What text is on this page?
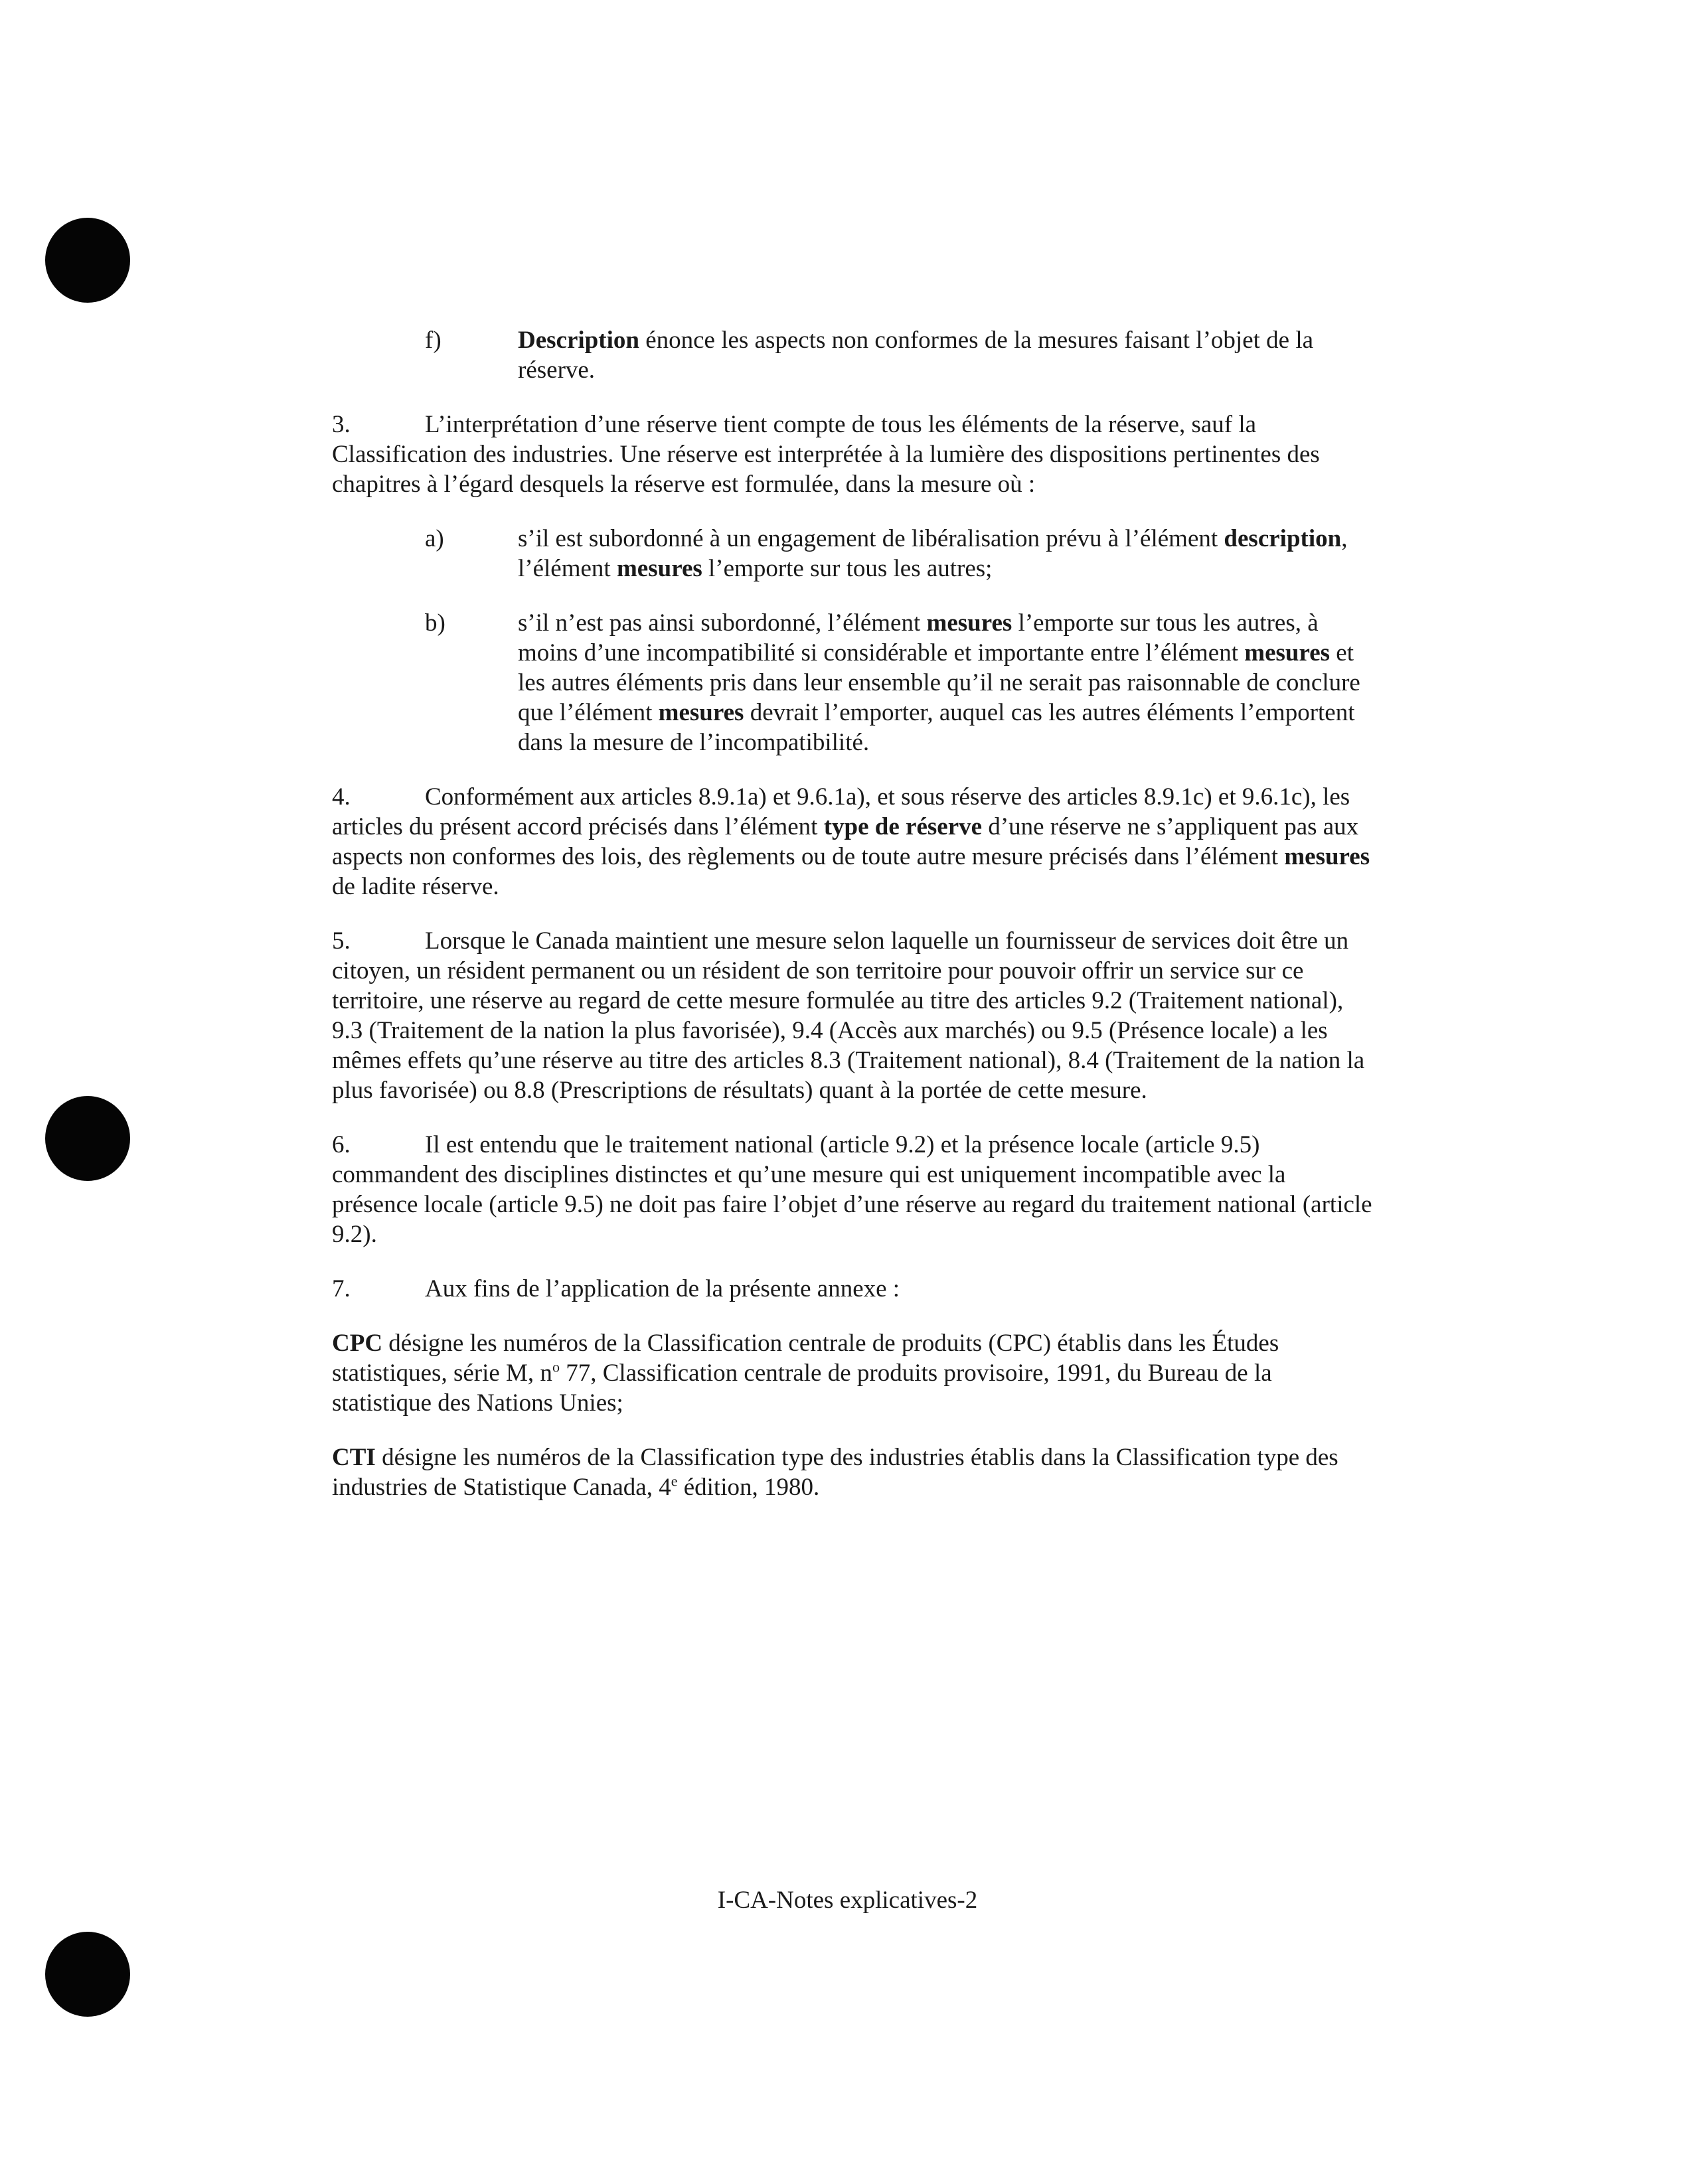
f)	Description énonce les aspects non conformes de la mesures faisant l’objet de la réserve.

3.	L’interprétation d’une réserve tient compte de tous les éléments de la réserve, sauf la Classification des industries. Une réserve est interprétée à la lumière des dispositions pertinentes des chapitres à l’égard desquels la réserve est formulée, dans la mesure où :

a)	s’il est subordonné à un engagement de libéralisation prévu à l’élément description, l’élément mesures l’emporte sur tous les autres;
b)	s’il n’est pas ainsi subordonné, l’élément mesures l’emporte sur tous les autres, à moins d’une incompatibilité si considérable et importante entre l’élément mesures et les autres éléments pris dans leur ensemble qu’il ne serait pas raisonnable de conclure que l’élément mesures devrait l’emporter, auquel cas les autres éléments l’emportent dans la mesure de l’incompatibilité.

4.	Conformément aux articles 8.9.1a) et 9.6.1a), et sous réserve des articles 8.9.1c) et 9.6.1c), les articles du présent accord précisés dans l’élément type de réserve d’une réserve ne s’appliquent pas aux aspects non conformes des lois, des règlements ou de toute autre mesure précisés dans l’élément mesures de ladite réserve.

5.	Lorsque le Canada maintient une mesure selon laquelle un fournisseur de services doit être un citoyen, un résident permanent ou un résident de son territoire pour pouvoir offrir un service sur ce territoire, une réserve au regard de cette mesure formulée au titre des articles 9.2 (Traitement national), 9.3 (Traitement de la nation la plus favorisée), 9.4 (Accès aux marchés) ou 9.5 (Présence locale) a les mêmes effets qu’une réserve au titre des articles 8.3 (Traitement national), 8.4 (Traitement de la nation la plus favorisée) ou 8.8 (Prescriptions de résultats) quant à la portée de cette mesure.

6.	Il est entendu que le traitement national (article 9.2) et la présence locale (article 9.5) commandent des disciplines distinctes et qu’une mesure qui est uniquement incompatible avec la présence locale (article 9.5) ne doit pas faire l’objet d’une réserve au regard du traitement national (article 9.2).

7.	Aux fins de l’application de la présente annexe :

CPC désigne les numéros de la Classification centrale de produits (CPC) établis dans les Études statistiques, série M, $n^o$ 77, Classification centrale de produits provisoire, 1991, du Bureau de la statistique des Nations Unies;

CTI désigne les numéros de la Classification type des industries établis dans la Classification type des industries de Statistique Canada, 4e édition, 1980.

I-CA-Notes explicatives-2
